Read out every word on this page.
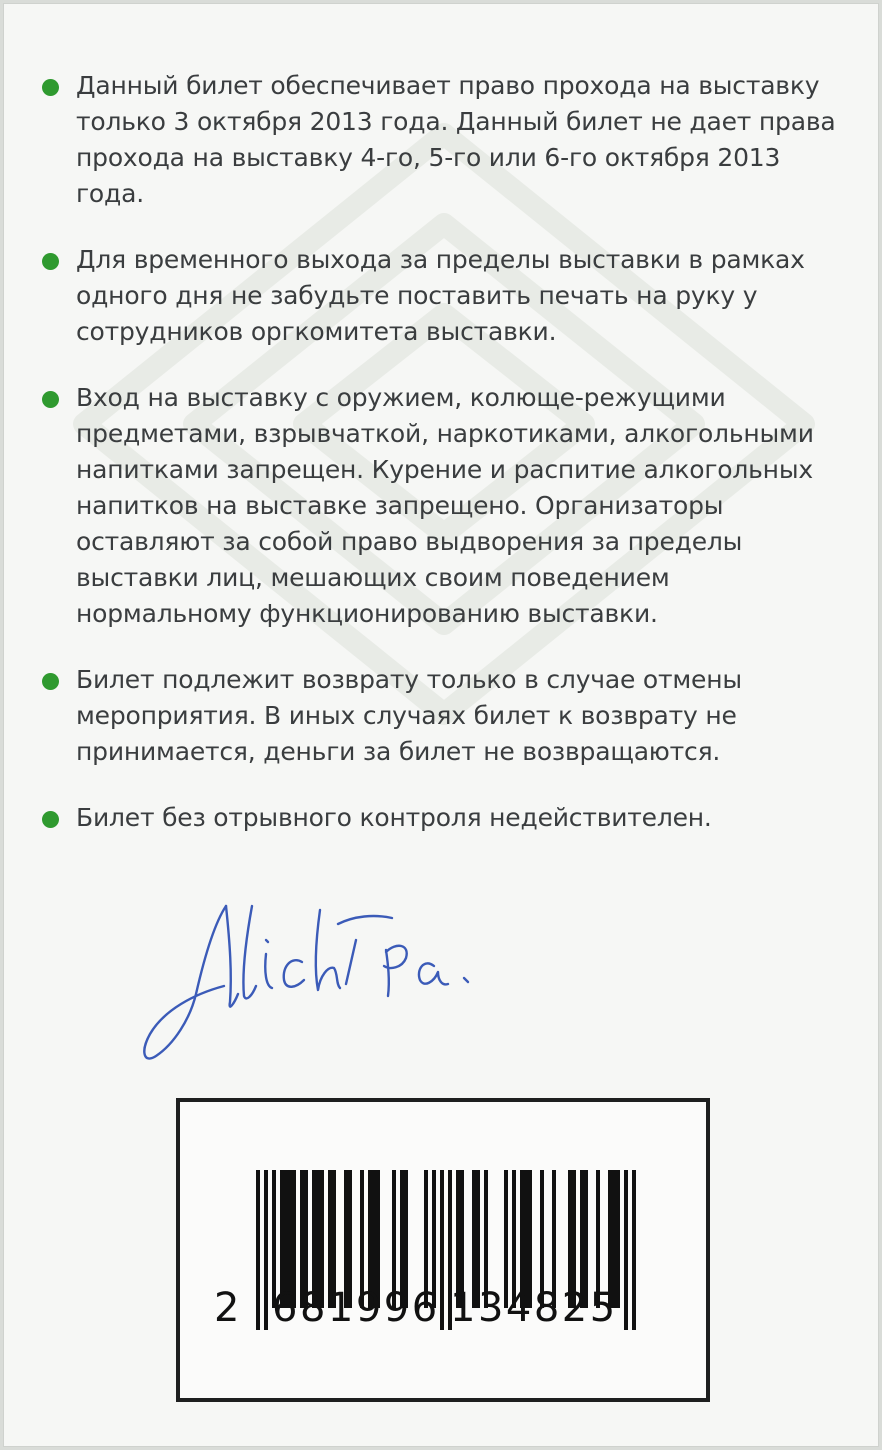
Данный билет обеспечивает право прохода на выставку только 3 октября 2013 года. Данный билет не дает права прохода на выставку 4-го, 5-го или 6-го октября 2013 года.
Для временного выхода за пределы выставки в рамках одного дня не забудьте поставить печать на руку у сотрудников оргкомитета выставки.
Вход на выставку с оружием, колюще-режущими предметами, взрывчаткой, наркотиками, алкогольными напитками запрещен. Курение и распитие алкогольных напитков на выставке запрещено. Организаторы оставляют за собой право выдворения за пределы выставки лиц, мешающих своим поведением нормальному функционированию выставки.
Билет подлежит возврату только в случае отмены мероприятия. В иных случаях билет к возврату не принимается, деньги за билет не возвращаются.
Билет без отрывного контроля недействителен.
2 681996 134825
